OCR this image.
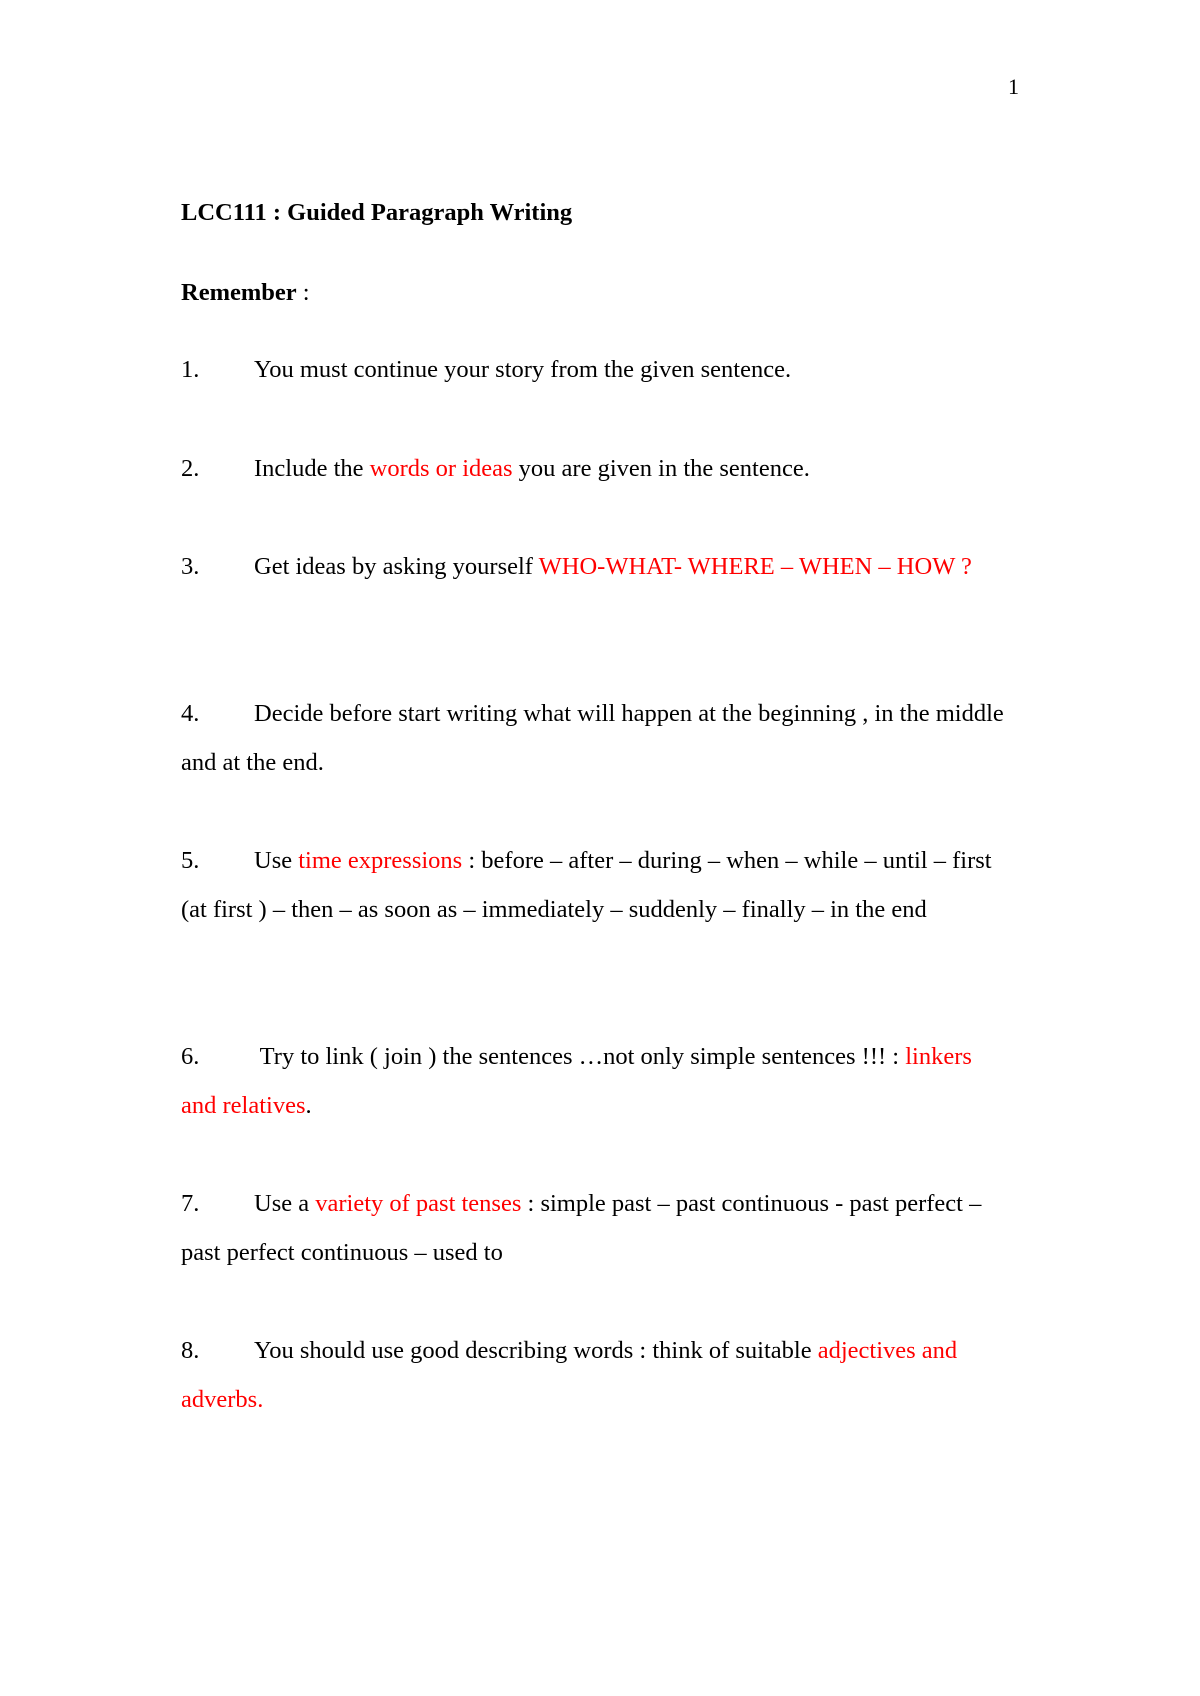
1
LCC111 : Guided Paragraph Writing
Remember :
1. You must continue your story from the given sentence.
2. Include the words or ideas you are given in the sentence.
3. Get ideas by asking yourself WHO-WHAT- WHERE – WHEN – HOW ?
4. Decide before start writing what will happen at the beginning , in the middle and at the end.
5. Use time expressions : before – after – during – when – while – until – first (at first ) – then – as soon as – immediately – suddenly – finally – in the end
6. Try to link ( join ) the sentences …not only simple sentences !!! : linkers and relatives.
7. Use a variety of past tenses : simple past – past continuous - past perfect – past perfect continuous – used to
8. You should use good describing words : think of suitable adjectives and adverbs.
